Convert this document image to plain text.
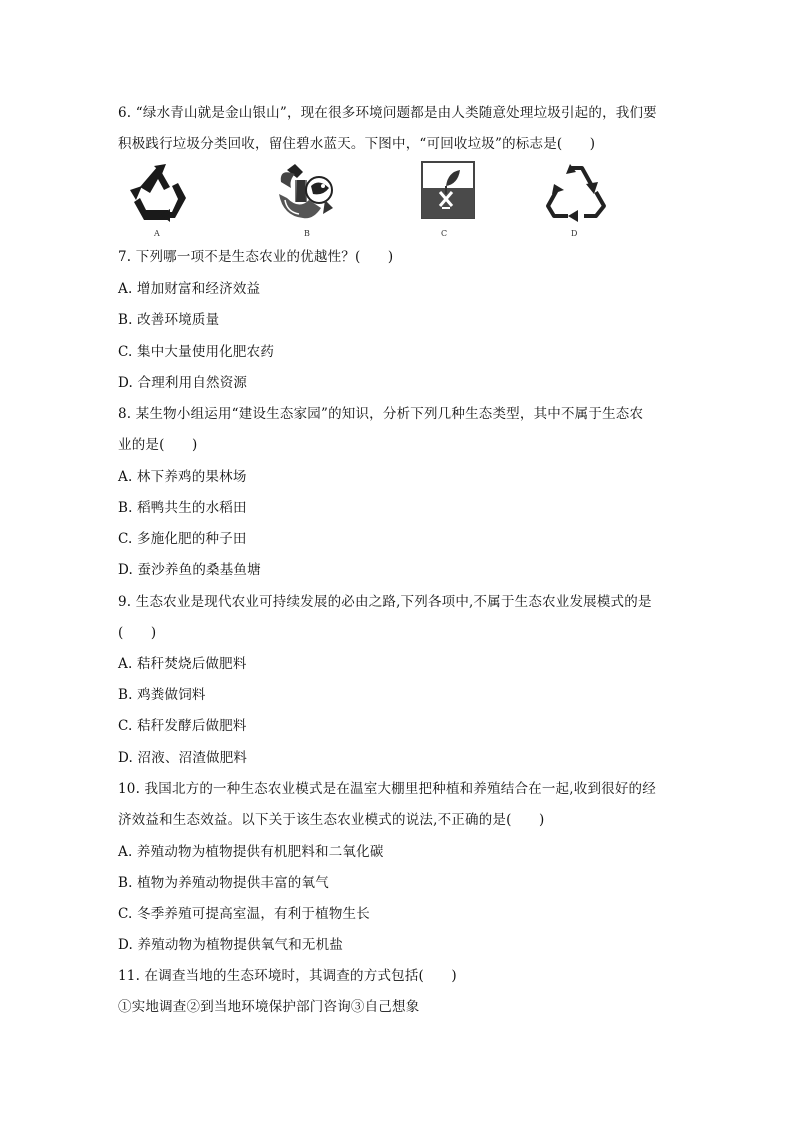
6. “绿水青山就是金山银山”，现在很多环境问题都是由人类随意处理垃圾引起的，我们要
积极践行垃圾分类回收，留住碧水蓝天。下图中，“可回收垃圾”的标志是(　　)
A	B	C	D
7. 下列哪一项不是生态农业的优越性？(　　)
A. 增加财富和经济效益
B. 改善环境质量
C. 集中大量使用化肥农药
D. 合理利用自然资源
8. 某生物小组运用“建设生态家园”的知识，分析下列几种生态类型，其中不属于生态农
业的是(　　)
A. 林下养鸡的果林场
B. 稻鸭共生的水稻田
C. 多施化肥的种子田
D. 蚕沙养鱼的桑基鱼塘
9. 生态农业是现代农业可持续发展的必由之路,下列各项中,不属于生态农业发展模式的是
(　　)
A. 秸秆焚烧后做肥料
B. 鸡粪做饲料
C. 秸秆发酵后做肥料
D. 沼液、沼渣做肥料
10. 我国北方的一种生态农业模式是在温室大棚里把种植和养殖结合在一起,收到很好的经
济效益和生态效益。以下关于该生态农业模式的说法,不正确的是(　　)
A. 养殖动物为植物提供有机肥料和二氧化碳
B. 植物为养殖动物提供丰富的氧气
C. 冬季养殖可提高室温，有利于植物生长
D. 养殖动物为植物提供氧气和无机盐
11. 在调查当地的生态环境时，其调查的方式包括(　　)
①实地调查②到当地环境保护部门咨询③自己想象
